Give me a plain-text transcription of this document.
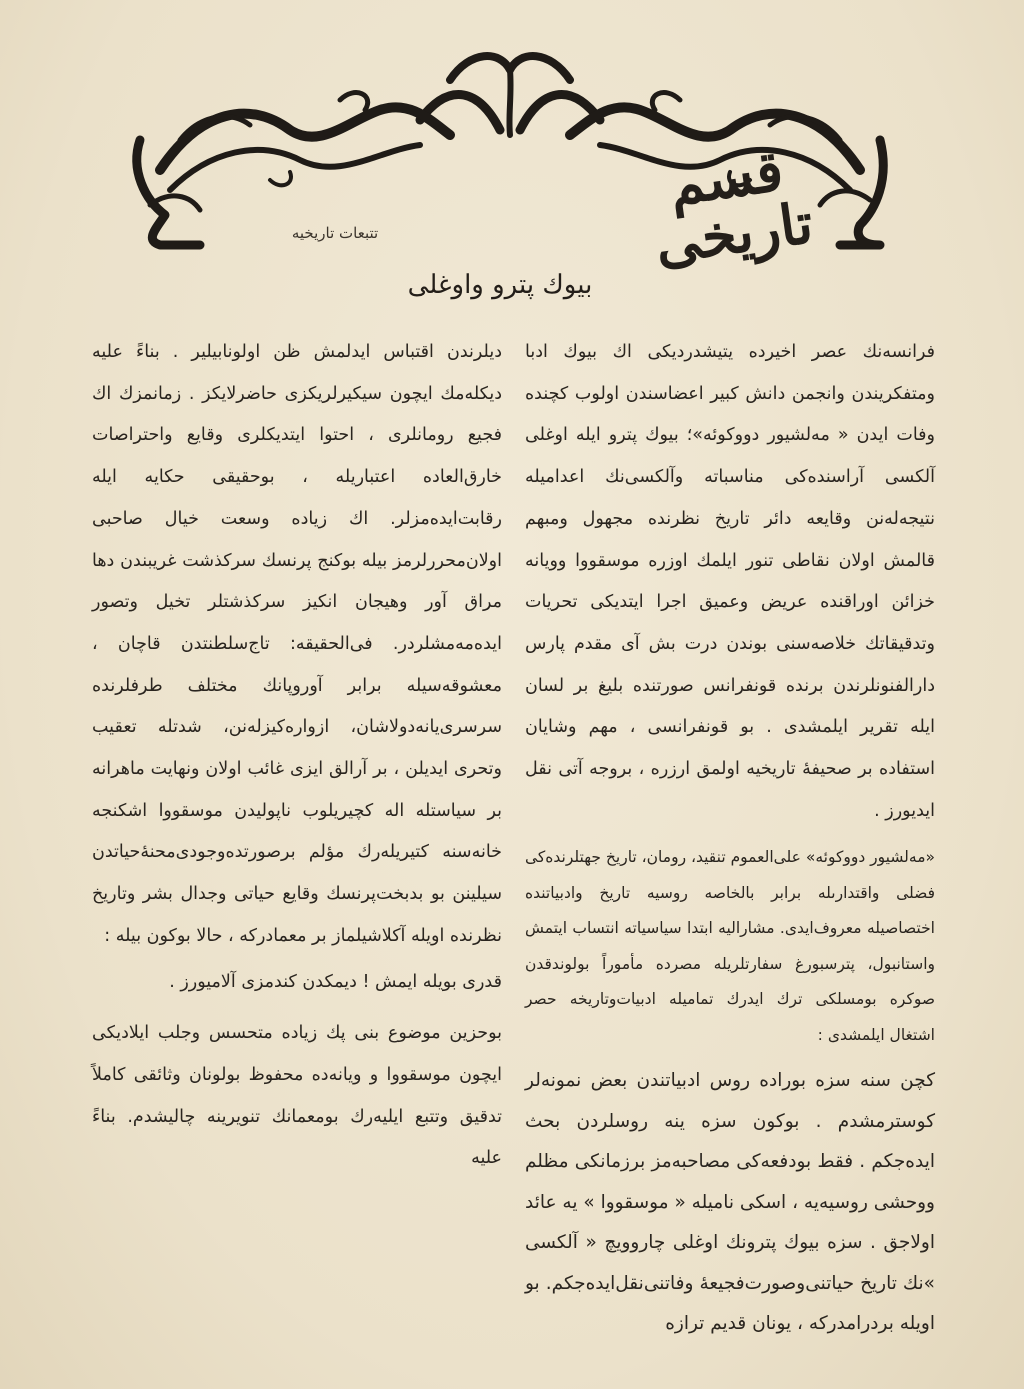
قسم تاريخى
تتبعات تاريخيه
بيوك پترو واوغلى

فرانسه‌نك عصر اخيرده يتيشدرديكى اك بيوك ادبا ومتفكريندن وانجمن دانش كبير اعضاسندن اولوب كچنده وفات ايدن « مه‌لشيور دووكوئه»؛ بيوك پترو ايله اوغلى آلكسى آراسنده‌كى مناسباته وآلكسى‌نك اعداميله نتيجه‌له‌نن وقايعه دائر تاريخ نظرنده مجهول ومبهم قالمش اولان نقاطى تنور ايلمك اوزره موسقووا وويانه خزائن اوراقنده عريض وعميق اجرا ايتديكى تحريات وتدقيقاتك خلاصه‌سنى بوندن درت بش آى مقدم پارس دارالفنونلرندن برنده قونفرانس صورتنده بليغ بر لسان ايله تقرير ايلمشدى . بو قونفرانسى ، مهم وشايان استفاده بر صحيفهٔ تاريخيه اولمق ارزره ، بروجه آتى نقل ايديورز .

«مه‌لشيور دووكوئه» على‌العموم تنقيد، رومان، تاريخ جهتلرنده‌كى فضلى واقتدارىله برابر بالخاصه روسيه تاريخ وادبياتنده اختصاصيله معروف‌ايدى. مشاراليه ابتدا سياسياته انتساب ايتمش واستانبول، پترسبورغ سفارتلريله مصرده مأموراً بولوندقدن صوكره بومسلكى ترك ايدرك تماميله ادبيات‌وتاريخه حصر اشتغال ايلمشدى :

كچن سنه سزه بوراده روس ادبياتندن بعض نمونه‌لر كوسترمشدم . بوكون سزه ينه روسلردن بحث ايده‌جكم . فقط بودفعه‌كى مصاحبه‌مز برزمانكى مظلم ووحشى روسيه‌يه ، اسكى ناميله « موسقووا » يه عائد اولاجق . سزه بيوك پترونك اوغلى چاروويچ « آلكسى »نك تاريخ حياتنى‌وصورت‌فجيعهٔ وفاتنى‌نقل‌ايده‌جكم. بو اويله بردرامدركه ، يونان قديم ترازه

ديلرندن اقتباس ايدلمش ظن اولونابيلير . بناءً عليه ديكله‌مك ايچون سيكيرلريكزى حاضرلايكز . زمانمزك اك فجيع رومانلرى ، احتوا ايتديكلرى وقايع واحتراصات خارق‌العاده اعتباريله ، بوحقيقى حكايه ايله رقابت‌ايده‌مزلر. اك زياده وسعت خيال صاحبى اولان‌محررلرمز بيله بوكنج پرنسك سركذشت غريبندن دها مراق آور وهيجان انكيز سركذشتلر تخيل وتصور ايده‌مه‌مشلردر. فى‌الحقيقه: تاج‌سلطنتدن قاچان ، معشوقه‌سيله برابر آوروپانك مختلف طرفلرنده سرسرى‌يانه‌دولاشان، ازواره‌كيزله‌نن، شدتله تعقيب وتحرى ايديلن ، بر آرالق ايزى غائب اولان ونهايت ماهرانه بر سياستله اله كچيريلوب ناپوليدن موسقووا اشكنجه خانه‌سنه كتيريله‌رك مؤلم برصورتده‌وجودى‌محنهٔ‌حياتدن سيلينن بو بدبخت‌پرنسك وقايع حياتى وجدال بشر وتاريخ نظرنده اويله آكلاشيلماز بر معمادركه ، حالا بوكون بيله :

قدرى بويله ايمش ! ديمكدن كندمزى آلاميورز .

بوحزين موضوع بنى پك زياده متحسس وجلب ايلاديكى ايچون موسقووا و ويانه‌ده محفوظ بولونان وثائقى كاملاً تدقيق وتتبع ايليه‌رك بومعمانك تنويرينه چاليشدم. بناءً عليه
